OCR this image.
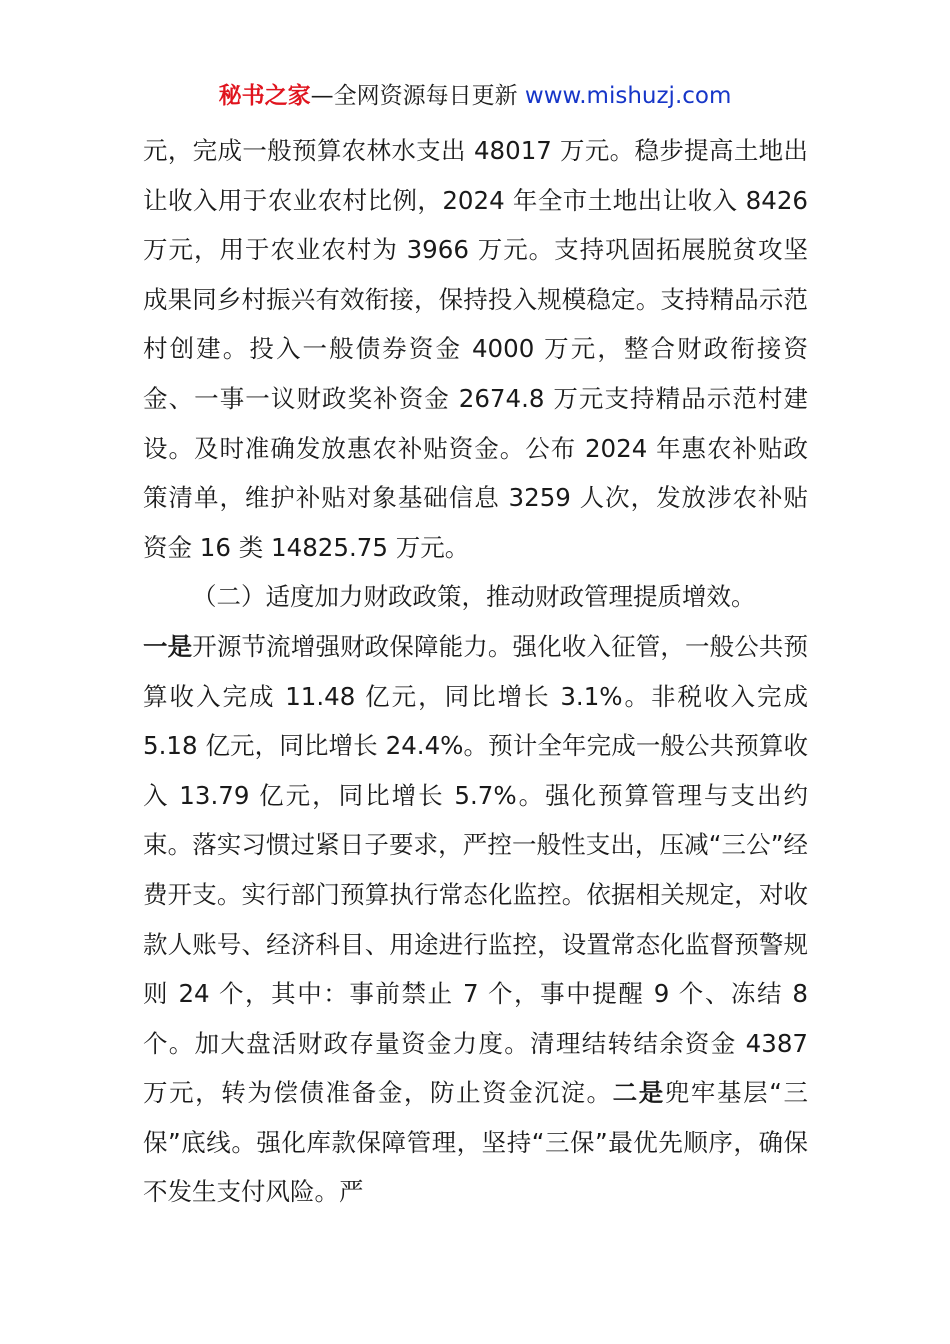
秘书之家—全网资源每日更新 www.mishuzj.com

元，完成一般预算农林水支出 48017 万元。稳步提高土地出让收入用于农业农村比例，2024 年全市土地出让收入 8426 万元，用于农业农村为 3966 万元。支持巩固拓展脱贫攻坚成果同乡村振兴有效衔接，保持投入规模稳定。支持精品示范村创建。投入一般债券资金 4000 万元，整合财政衔接资金、一事一议财政奖补资金 2674.8 万元支持精品示范村建设。及时准确发放惠农补贴资金。公布 2024 年惠农补贴政策清单，维护补贴对象基础信息 3259 人次，发放涉农补贴资金 16 类 14825.75 万元。

（二）适度加力财政政策，推动财政管理提质增效。

一是开源节流增强财政保障能力。强化收入征管，一般公共预算收入完成 11.48 亿元，同比增长 3.1%。非税收入完成 5.18 亿元，同比增长 24.4%。预计全年完成一般公共预算收入 13.79 亿元，同比增长 5.7%。强化预算管理与支出约束。落实习惯过紧日子要求，严控一般性支出，压减“三公”经费开支。实行部门预算执行常态化监控。依据相关规定，对收款人账号、经济科目、用途进行监控，设置常态化监督预警规则 24 个，其中：事前禁止 7 个，事中提醒 9 个、冻结 8 个。加大盘活财政存量资金力度。清理结转结余资金 4387 万元，转为偿债准备金，防止资金沉淀。二是兜牢基层“三保”底线。强化库款保障管理，坚持“三保”最优先顺序，确保不发生支付风险。严
